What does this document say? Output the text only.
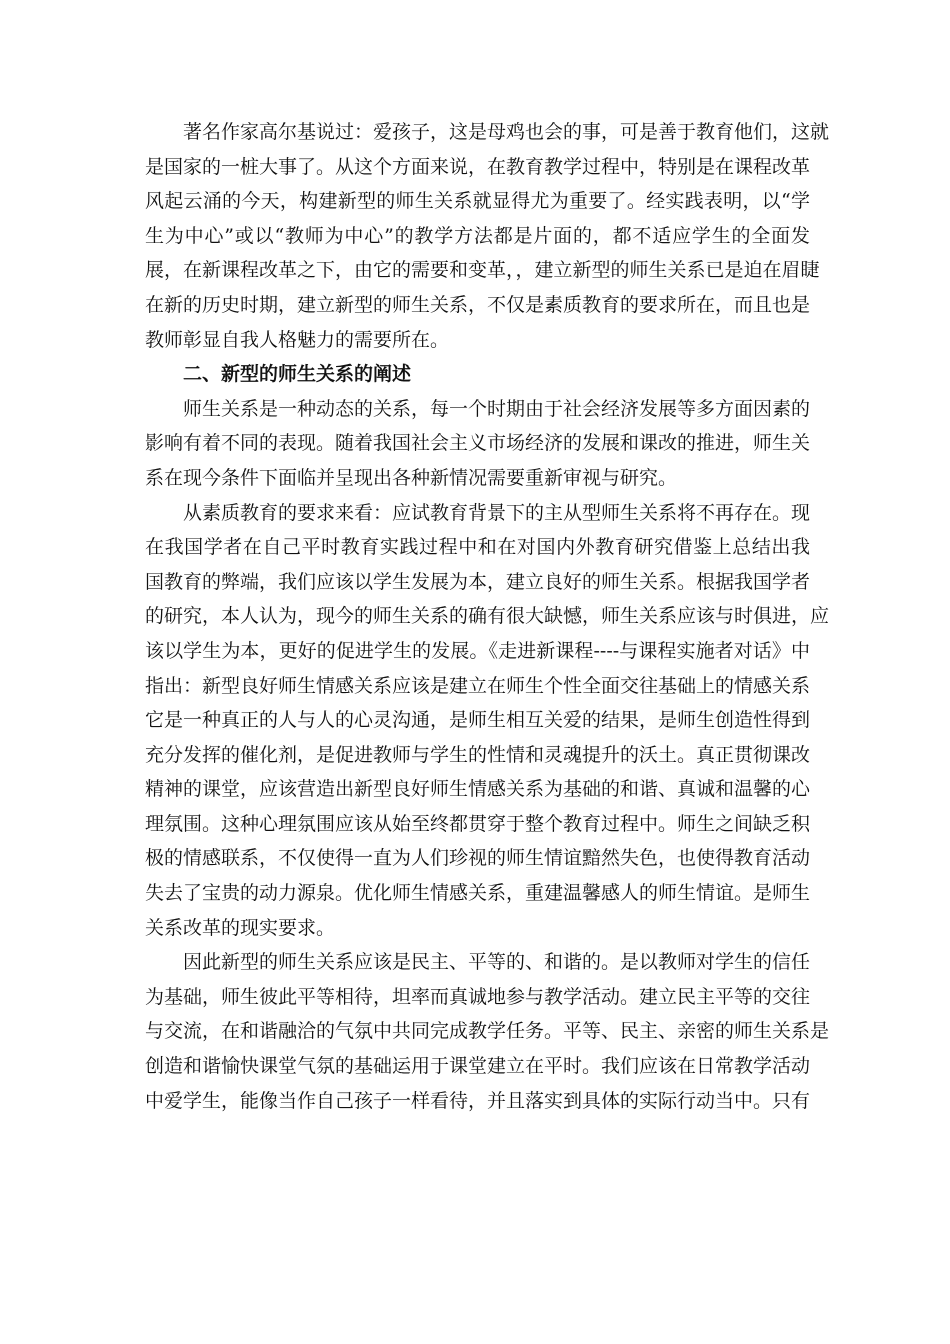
著名作家高尔基说过：爱孩子，这是母鸡也会的事，可是善于教育他们，这就
是国家的一桩大事了。从这个方面来说，在教育教学过程中，特别是在课程改革
风起云涌的今天，构建新型的师生关系就显得尤为重要了。经实践表明，以“学
生为中心”或以“教师为中心”的教学方法都是片面的，都不适应学生的全面发
展，在新课程改革之下，由它的需要和变革，，建立新型的师生关系已是迫在眉睫
在新的历史时期，建立新型的师生关系，不仅是素质教育的要求所在，而且也是
教师彰显自我人格魅力的需要所在。
二、新型的师生关系的阐述
师生关系是一种动态的关系，每一个时期由于社会经济发展等多方面因素的
影响有着不同的表现。随着我国社会主义市场经济的发展和课改的推进，师生关
系在现今条件下面临并呈现出各种新情况需要重新审视与研究。
从素质教育的要求来看：应试教育背景下的主从型师生关系将不再存在。现
在我国学者在自己平时教育实践过程中和在对国内外教育研究借鉴上总结出我
国教育的弊端，我们应该以学生发展为本，建立良好的师生关系。根据我国学者
的研究，本人认为，现今的师生关系的确有很大缺憾，师生关系应该与时俱进，应
该以学生为本，更好的促进学生的发展。《走进新课程----与课程实施者对话》中
指出：新型良好师生情感关系应该是建立在师生个性全面交往基础上的情感关系
它是一种真正的人与人的心灵沟通，是师生相互关爱的结果，是师生创造性得到
充分发挥的催化剂，是促进教师与学生的性情和灵魂提升的沃土。真正贯彻课改
精神的课堂，应该营造出新型良好师生情感关系为基础的和谐、真诚和温馨的心
理氛围。这种心理氛围应该从始至终都贯穿于整个教育过程中。师生之间缺乏积
极的情感联系，不仅使得一直为人们珍视的师生情谊黯然失色，也使得教育活动
失去了宝贵的动力源泉。优化师生情感关系，重建温馨感人的师生情谊。是师生
关系改革的现实要求。
因此新型的师生关系应该是民主、平等的、和谐的。是以教师对学生的信任
为基础，师生彼此平等相待，坦率而真诚地参与教学活动。建立民主平等的交往
与交流，在和谐融洽的气氛中共同完成教学任务。平等、民主、亲密的师生关系是
创造和谐愉快课堂气氛的基础运用于课堂建立在平时。我们应该在日常教学活动
中爱学生，能像当作自己孩子一样看待，并且落实到具体的实际行动当中。只有
